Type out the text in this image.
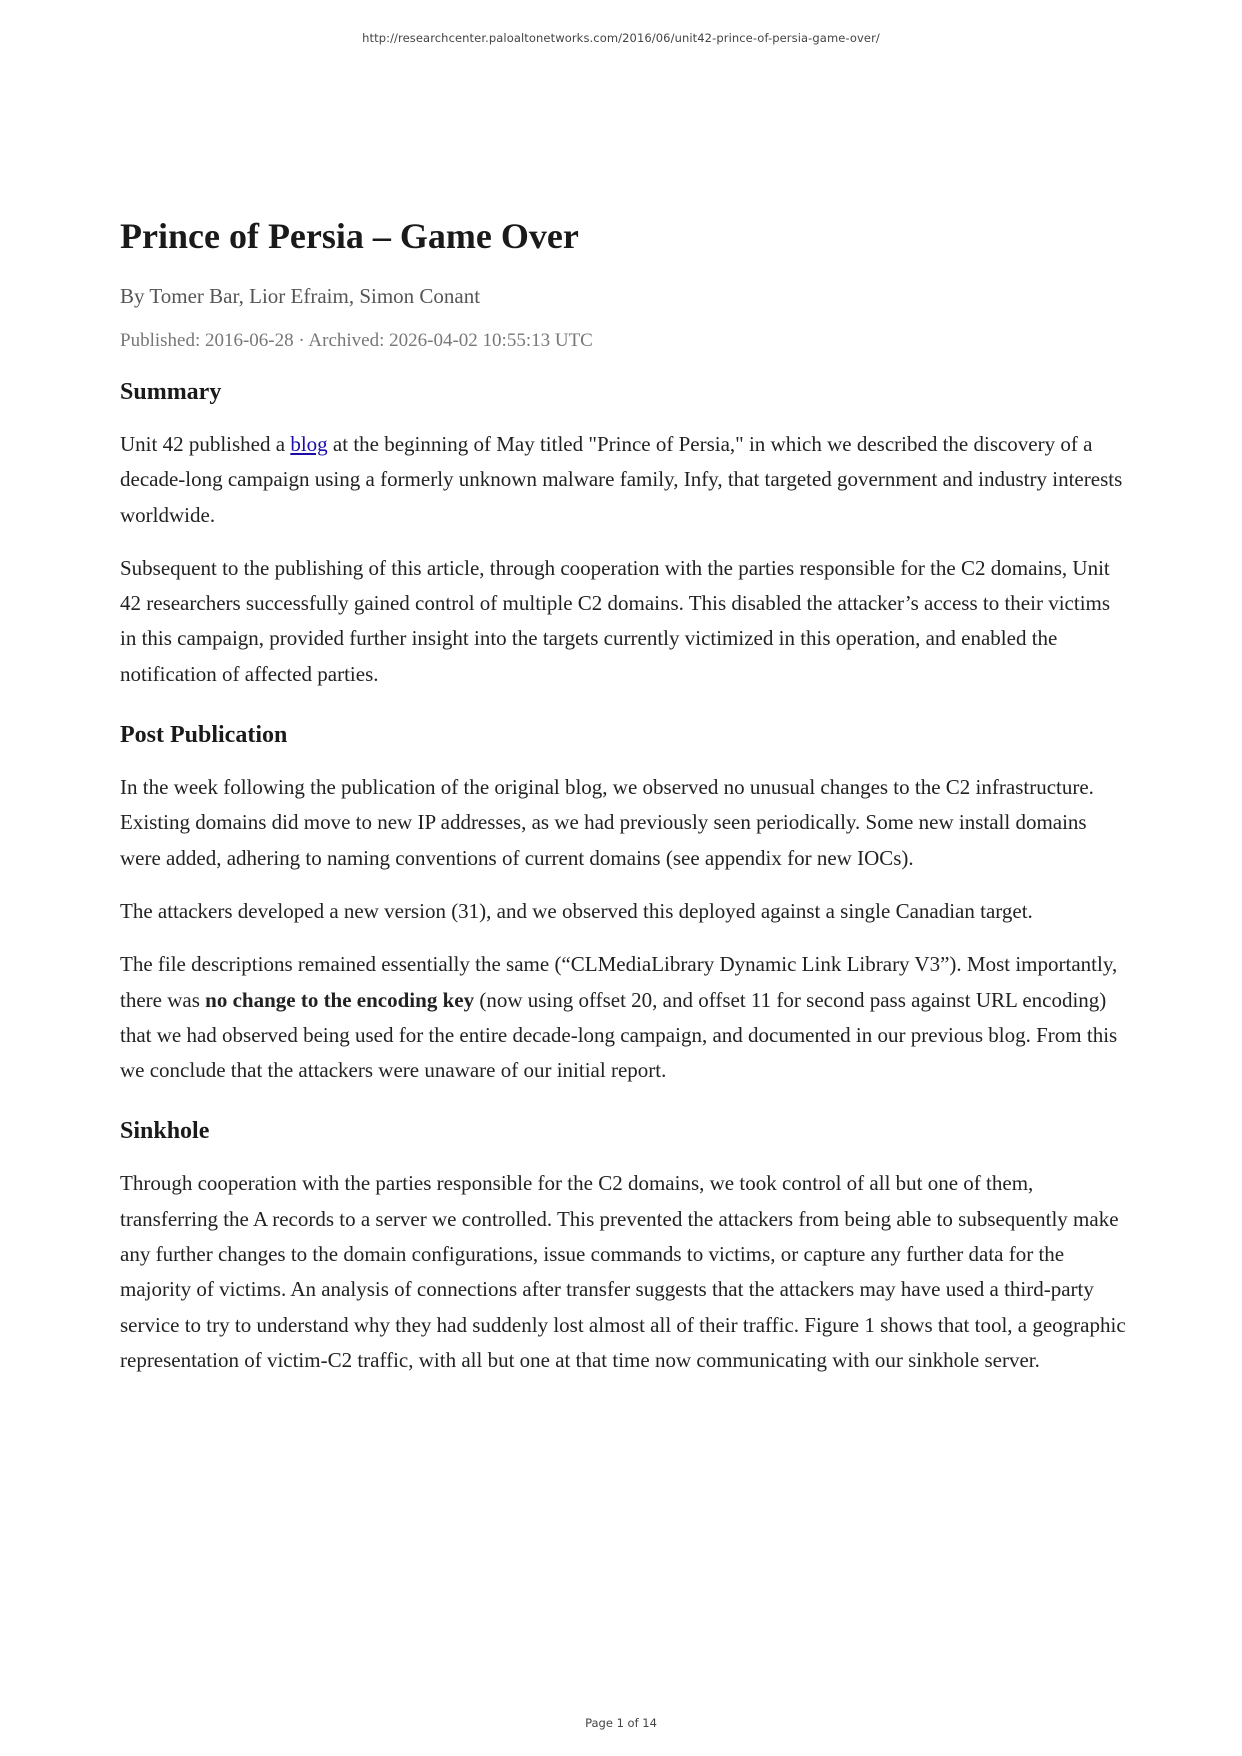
http://researchcenter.paloaltonetworks.com/2016/06/unit42-prince-of-persia-game-over/
Prince of Persia – Game Over

By Tomer Bar, Lior Efraim, Simon Conant

Published: 2016-06-28 · Archived: 2026-04-02 10:55:13 UTC

Summary

Unit 42 published a blog at the beginning of May titled "Prince of Persia," in which we described the discovery of a decade-long campaign using a formerly unknown malware family, Infy, that targeted government and industry interests worldwide.

Subsequent to the publishing of this article, through cooperation with the parties responsible for the C2 domains, Unit 42 researchers successfully gained control of multiple C2 domains. This disabled the attacker’s access to their victims in this campaign, provided further insight into the targets currently victimized in this operation, and enabled the notification of affected parties.

Post Publication

In the week following the publication of the original blog, we observed no unusual changes to the C2 infrastructure. Existing domains did move to new IP addresses, as we had previously seen periodically. Some new install domains were added, adhering to naming conventions of current domains (see appendix for new IOCs).

The attackers developed a new version (31), and we observed this deployed against a single Canadian target.

The file descriptions remained essentially the same (“CLMediaLibrary Dynamic Link Library V3”). Most importantly, there was no change to the encoding key (now using offset 20, and offset 11 for second pass against URL encoding) that we had observed being used for the entire decade-long campaign, and documented in our previous blog. From this we conclude that the attackers were unaware of our initial report.

Sinkhole

Through cooperation with the parties responsible for the C2 domains, we took control of all but one of them, transferring the A records to a server we controlled. This prevented the attackers from being able to subsequently make any further changes to the domain configurations, issue commands to victims, or capture any further data for the majority of victims. An analysis of connections after transfer suggests that the attackers may have used a third-party service to try to understand why they had suddenly lost almost all of their traffic. Figure 1 shows that tool, a geographic representation of victim-C2 traffic, with all but one at that time now communicating with our sinkhole server.

Page 1 of 14
